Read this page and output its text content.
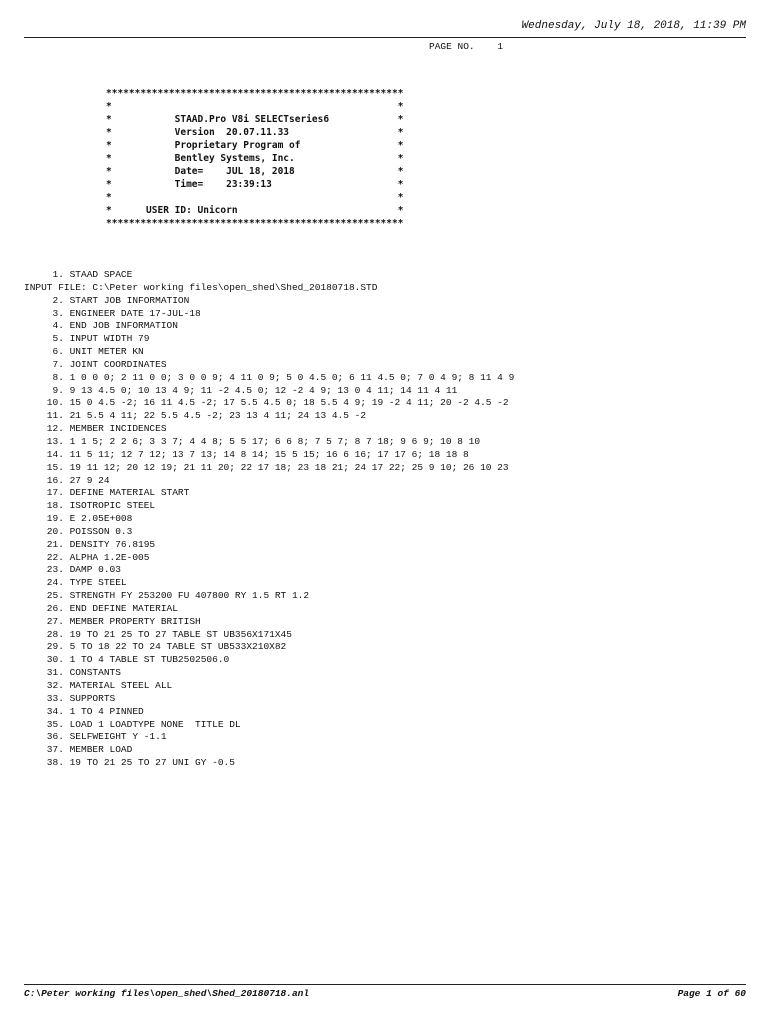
Wednesday, July 18, 2018, 11:39 PM
PAGE NO.    1
****************************************************
*                                                  *
*           STAAD.Pro V8i SELECTseries6            *
*           Version  20.07.11.33                   *
*           Proprietary Program of                 *
*           Bentley Systems, Inc.                  *
*           Date=    JUL 18, 2018                  *
*           Time=    23:39:13                      *
*                                                  *
*      USER ID: Unicorn                            *
****************************************************
1. STAAD SPACE
INPUT FILE: C:\Peter working files\open_shed\Shed_20180718.STD
2. START JOB INFORMATION
3. ENGINEER DATE 17-JUL-18
4. END JOB INFORMATION
5. INPUT WIDTH 79
6. UNIT METER KN
7. JOINT COORDINATES
8. 1 0 0 0; 2 11 0 0; 3 0 0 9; 4 11 0 9; 5 0 4.5 0; 6 11 4.5 0; 7 0 4 9; 8 11 4 9
9. 9 13 4.5 0; 10 13 4 9; 11 -2 4.5 0; 12 -2 4 9; 13 0 4 11; 14 11 4 11
10. 15 0 4.5 -2; 16 11 4.5 -2; 17 5.5 4.5 0; 18 5.5 4 9; 19 -2 4 11; 20 -2 4.5 -2
11. 21 5.5 4 11; 22 5.5 4.5 -2; 23 13 4 11; 24 13 4.5 -2
12. MEMBER INCIDENCES
13. 1 1 5; 2 2 6; 3 3 7; 4 4 8; 5 5 17; 6 6 8; 7 5 7; 8 7 18; 9 6 9; 10 8 10
14. 11 5 11; 12 7 12; 13 7 13; 14 8 14; 15 5 15; 16 6 16; 17 17 6; 18 18 8
15. 19 11 12; 20 12 19; 21 11 20; 22 17 18; 23 18 21; 24 17 22; 25 9 10; 26 10 23
16. 27 9 24
17. DEFINE MATERIAL START
18. ISOTROPIC STEEL
19. E 2.05E+008
20. POISSON 0.3
21. DENSITY 76.8195
22. ALPHA 1.2E-005
23. DAMP 0.03
24. TYPE STEEL
25. STRENGTH FY 253200 FU 407800 RY 1.5 RT 1.2
26. END DEFINE MATERIAL
27. MEMBER PROPERTY BRITISH
28. 19 TO 21 25 TO 27 TABLE ST UB356X171X45
29. 5 TO 18 22 TO 24 TABLE ST UB533X210X82
30. 1 TO 4 TABLE ST TUB2502506.0
31. CONSTANTS
32. MATERIAL STEEL ALL
33. SUPPORTS
34. 1 TO 4 PINNED
35. LOAD 1 LOADTYPE NONE  TITLE DL
36. SELFWEIGHT Y -1.1
37. MEMBER LOAD
38. 19 TO 21 25 TO 27 UNI GY -0.5
C:\Peter working files\open_shed\Shed_20180718.anl	Page 1 of 60
